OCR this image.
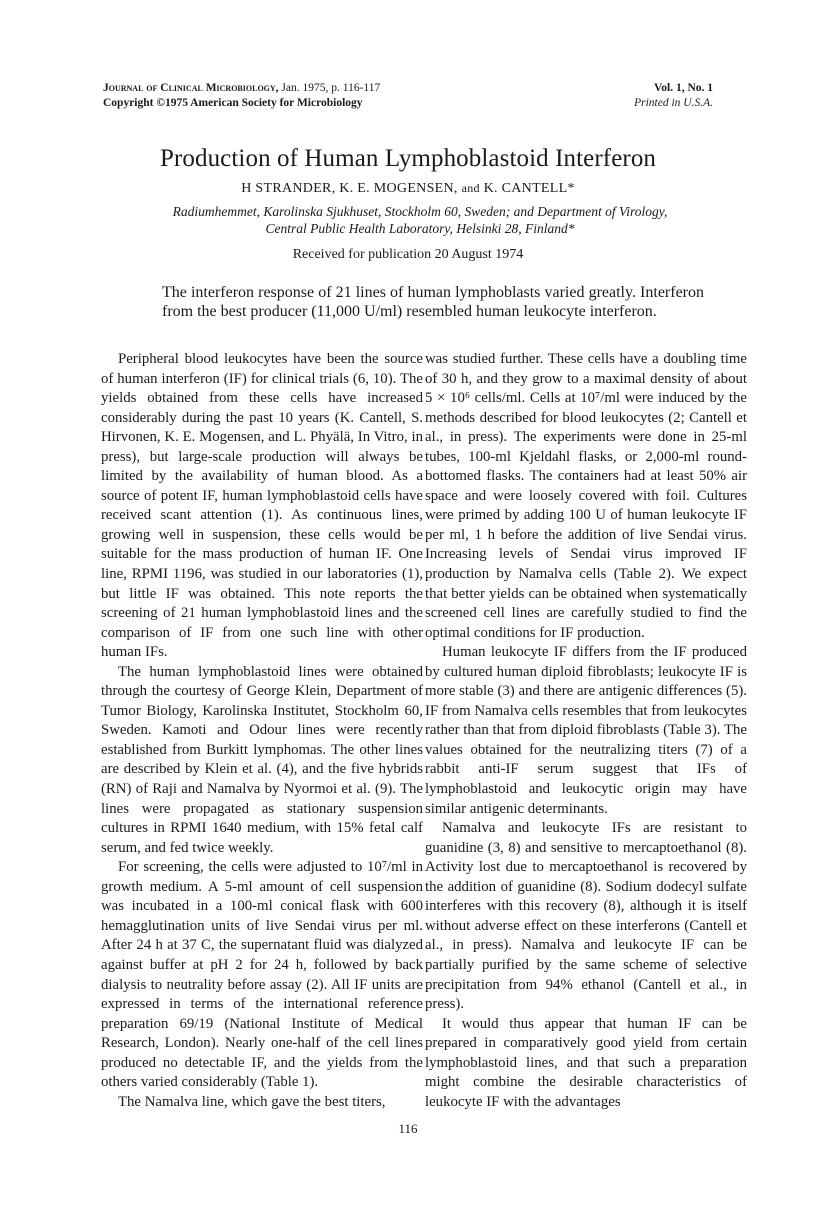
Journal of Clinical Microbiology, Jan. 1975, p. 116-117
Copyright ©1975 American Society for Microbiology
Vol. 1, No. 1
Printed in U.S.A.
Production of Human Lymphoblastoid Interferon
H STRANDER, K. E. MOGENSEN, and K. CANTELL*
Radiumhemmet, Karolinska Sjukhuset, Stockholm 60, Sweden; and Department of Virology,
Central Public Health Laboratory, Helsinki 28, Finland*
Received for publication 20 August 1974

The interferon response of 21 lines of human lymphoblasts varied greatly. Interferon from the best producer (11,000 U/ml) resembled human leukocyte interferon.

Peripheral blood leukocytes have been the source of human interferon (IF) for clinical trials (6, 10). The yields obtained from these cells have increased considerably during the past 10 years (K. Cantell, S. Hirvonen, K. E. Mogensen, and L. Phyälä, In Vitro, in press), but large-scale production will always be limited by the availability of human blood. As a source of potent IF, human lymphoblastoid cells have received scant attention (1). As continuous lines, growing well in suspension, these cells would be suitable for the mass production of human IF. One line, RPMI 1196, was studied in our laboratories (1), but little IF was obtained. This note reports the screening of 21 human lymphoblastoid lines and the comparison of IF from one such line with other human IFs.

The human lymphoblastoid lines were obtained through the courtesy of George Klein, Department of Tumor Biology, Karolinska Institutet, Stockholm 60, Sweden. Kamoti and Odour lines were recently established from Burkitt lymphomas. The other lines are described by Klein et al. (4), and the five hybrids (RN) of Raji and Namalva by Nyormoi et al. (9). The lines were propagated as stationary suspension cultures in RPMI 1640 medium, with 15% fetal calf serum, and fed twice weekly.

For screening, the cells were adjusted to 10⁷/ml in growth medium. A 5-ml amount of cell suspension was incubated in a 100-ml conical flask with 600 hemagglutination units of live Sendai virus per ml. After 24 h at 37 C, the supernatant fluid was dialyzed against buffer at pH 2 for 24 h, followed by back dialysis to neutrality before assay (2). All IF units are expressed in terms of the international reference preparation 69/19 (National Institute of Medical Research, London). Nearly one-half of the cell lines produced no detectable IF, and the yields from the others varied considerably (Table 1).

The Namalva line, which gave the best titers,

was studied further. These cells have a doubling time of 30 h, and they grow to a maximal density of about 5 × 10⁶ cells/ml. Cells at 10⁷/ml were induced by the methods described for blood leukocytes (2; Cantell et al., in press). The experiments were done in 25-ml tubes, 100-ml Kjeldahl flasks, or 2,000-ml round-bottomed flasks. The containers had at least 50% air space and were loosely covered with foil. Cultures were primed by adding 100 U of human leukocyte IF per ml, 1 h before the addition of live Sendai virus. Increasing levels of Sendai virus improved IF production by Namalva cells (Table 2). We expect that better yields can be obtained when systematically screened cell lines are carefully studied to find the optimal conditions for IF production.

Human leukocyte IF differs from the IF produced by cultured human diploid fibroblasts; leukocyte IF is more stable (3) and there are antigenic differences (5). IF from Namalva cells resembles that from leukocytes rather than that from diploid fibroblasts (Table 3). The values obtained for the neutralizing titers (7) of a rabbit anti-IF serum suggest that IFs of lymphoblastoid and leukocytic origin may have similar antigenic determinants.

Namalva and leukocyte IFs are resistant to guanidine (3, 8) and sensitive to mercaptoethanol (8). Activity lost due to mercaptoethanol is recovered by the addition of guanidine (8). Sodium dodecyl sulfate interferes with this recovery (8), although it is itself without adverse effect on these interferons (Cantell et al., in press). Namalva and leukocyte IF can be partially purified by the same scheme of selective precipitation from 94% ethanol (Cantell et al., in press).

It would thus appear that human IF can be prepared in comparatively good yield from certain lymphoblastoid lines, and that such a preparation might combine the desirable characteristics of leukocyte IF with the advantages

116
